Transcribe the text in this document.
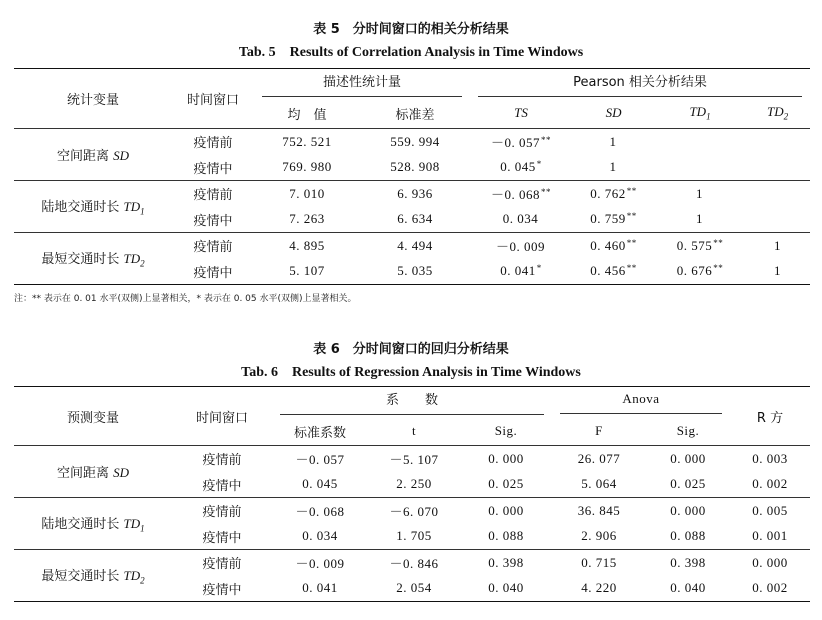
表 5　分时间窗口的相关分析结果
Tab. 5　Results of Correlation Analysis in Time Windows
统计变量	时间窗口	描述性统计量		Pearson 相关分析结果			

		均　值	标准差	TS	SD	$TD_1$	$TD_2$
空间距离 SD	疫情前	752. 521	559. 994	－0. 057**	1		
	疫情中	769. 980	528. 908	0. 045*	1		
陆地交通时长 $TD_1$	疫情前	7. 010	6. 936	－0. 068**	0. 762**	1	
	疫情中	7. 263	6. 634	0. 034	0. 759**	1	
最短交通时长 $TD_2$	疫情前	4. 895	4. 494	－0. 009	0. 460**	0. 575**	1
	疫情中	5. 107	5. 035	0. 041*	0. 456**	0. 676**	1
注：** 表示在 0. 01 水平(双侧)上显著相关，* 表示在 0. 05 水平(双侧)上显著相关。
表 6　分时间窗口的回归分析结果
Tab. 6　Results of Regression Analysis in Time Windows
预测变量	时间窗口	系　　数			Anova		R 方
		标准系数	t	Sig.	F	Sig.	
空间距离 SD	疫情前	－0. 057	－5. 107	0. 000	26. 077	0. 000	0. 003
	疫情中	0. 045	2. 250	0. 025	5. 064	0. 025	0. 002
陆地交通时长 $TD_1$	疫情前	－0. 068	－6. 070	0. 000	36. 845	0. 000	0. 005
	疫情中	0. 034	1. 705	0. 088	2. 906	0. 088	0. 001
最短交通时长 $TD_2$	疫情前	－0. 009	－0. 846	0. 398	0. 715	0. 398	0. 000
	疫情中	0. 041	2. 054	0. 040	4. 220	0. 040	0. 002
